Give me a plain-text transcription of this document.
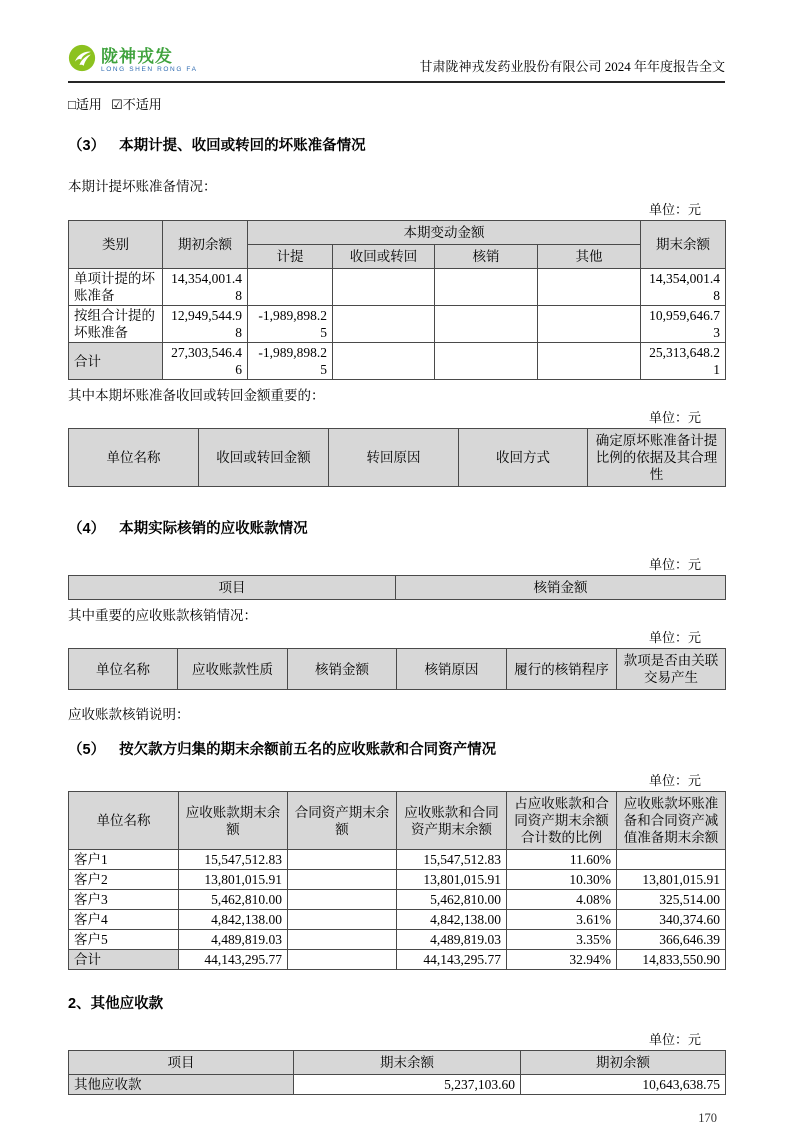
陇神戎发
LONG SHEN RONG FA	甘肃陇神戎发药业股份有限公司 2024 年年度报告全文
□适用 ☑不适用
（3） 本期计提、收回或转回的坏账准备情况
本期计提坏账准备情况：
单位：元
类别	期初余额	本期变动金额				期末余额
		计提	收回或转回	核销	其他	
单项计提的坏账准备	14,354,001.48					14,354,001.48
按组合计提的坏账准备	12,949,544.98	-1,989,898.25				10,959,646.73
合计	27,303,546.46	-1,989,898.25				25,313,648.21
其中本期坏账准备收回或转回金额重要的：
单位：元
单位名称	收回或转回金额	转回原因	收回方式	确定原坏账准备计提比例的依据及其合理性
（4） 本期实际核销的应收账款情况
单位：元
项目	核销金额
其中重要的应收账款核销情况：
单位：元
单位名称	应收账款性质	核销金额	核销原因	履行的核销程序	款项是否由关联交易产生
应收账款核销说明：
（5） 按欠款方归集的期末余额前五名的应收账款和合同资产情况
单位：元
单位名称	应收账款期末余额	合同资产期末余额	应收账款和合同资产期末余额	占应收账款和合同资产期末余额合计数的比例	应收账款坏账准备和合同资产减值准备期末余额
客户1	15,547,512.83		15,547,512.83	11.60%	
客户2	13,801,015.91		13,801,015.91	10.30%	13,801,015.91
客户3	5,462,810.00		5,462,810.00	4.08%	325,514.00
客户4	4,842,138.00		4,842,138.00	3.61%	340,374.60
客户5	4,489,819.03		4,489,819.03	3.35%	366,646.39
合计	44,143,295.77		44,143,295.77	32.94%	14,833,550.90
2、其他应收款
单位：元
项目	期末余额	期初余额
其他应收款	5,237,103.60	10,643,638.75
170
